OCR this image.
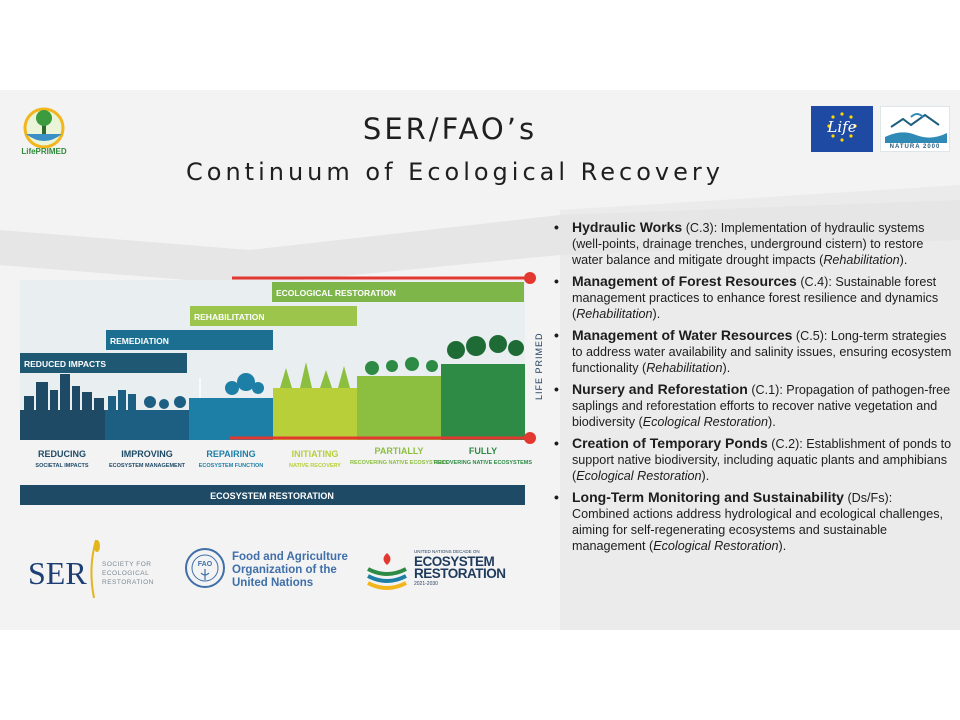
SER/FAO’s
Continuum of Ecological Recovery
LifePRIMED
Life
NATURA 2000
ECOLOGICAL RESTORATION
REHABILITATION
REMEDIATION
REDUCED IMPACTS	LIFE PRIMED
REDUCING
SOCIETAL IMPACTS
IMPROVING
ECOSYSTEM MANAGEMENT
REPAIRING
ECOSYSTEM FUNCTION
INITIATING
NATIVE RECOVERY
PARTIALLY
RECOVERING NATIVE ECOSYSTEMS
FULLY
RECOVERING NATIVE ECOSYSTEMS
ECOSYSTEM RESTORATION
SER SOCIETY FOR ECOLOGICAL RESTORATION
FAO
Food and Agriculture
Organization of the
United Nations
UNITED NATIONS DECADE ON
ECOSYSTEM
RESTORATION
2021-2030
• Hydraulic Works (C.3): Implementation of hydraulic systems (well-points, drainage trenches, underground cistern) to restore water balance and mitigate drought impacts (Rehabilitation).
• Management of Forest Resources (C.4): Sustainable forest management practices to enhance forest resilience and dynamics (Rehabilitation).
• Management of Water Resources (C.5): Long-term strategies to address water availability and salinity issues, ensuring ecosystem functionality (Rehabilitation).
• Nursery and Reforestation (C.1): Propagation of pathogen-free saplings and reforestation efforts to recover native vegetation and biodiversity (Ecological Restoration).
• Creation of Temporary Ponds (C.2): Establishment of ponds to support native biodiversity, including aquatic plants and amphibians (Ecological Restoration).
• Long-Term Monitoring and Sustainability (Ds/Fs): Combined actions address hydrological and ecological challenges, aiming for self-regenerating ecosystems and sustainable management (Ecological Restoration).
